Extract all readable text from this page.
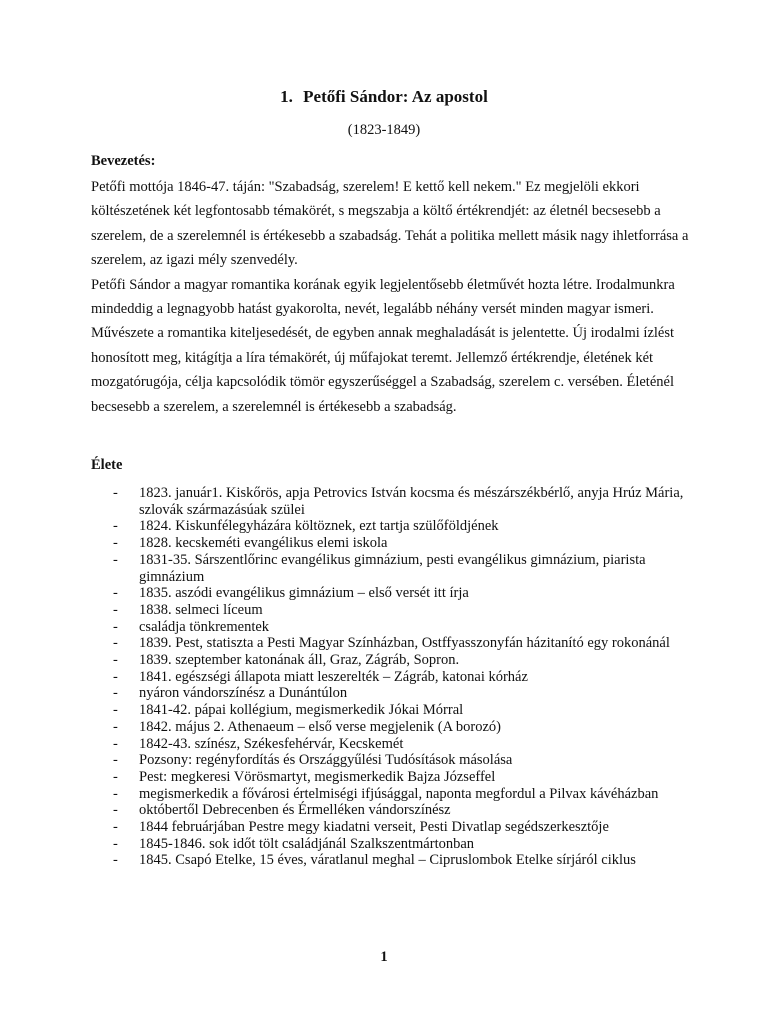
1. Petőfi Sándor: Az apostol
(1823-1849)
Bevezetés:

Petőfi mottója 1846-47. táján: "Szabadság, szerelem! E kettő kell nekem." Ez megjelöli ekkori költészetének két legfontosabb témakörét, s megszabja a költő értékrendjét: az életnél becsesebb a szerelem, de a szerelemnél is értékesebb a szabadság. Tehát a politika mellett másik nagy ihletforrása a szerelem, az igazi mély szenvedély.

Petőfi Sándor a magyar romantika korának egyik legjelentősebb életművét hozta létre. Irodalmunkra mindeddig a legnagyobb hatást gyakorolta, nevét, legalább néhány versét minden magyar ismeri. Művészete a romantika kiteljesedését, de egyben annak meghaladását is jelentette. Új irodalmi ízlést honosított meg, kitágítja a líra témakörét, új műfajokat teremt. Jellemző értékrendje, életének két mozgatórugója, célja kapcsolódik tömör egyszerűséggel a Szabadság, szerelem c. versében. Életénél becsesebb a szerelem, a szerelemnél is értékesebb a szabadság.

Élete
- 1823. január1. Kiskőrös, apja Petrovics István kocsma és mészárszékbérlő, anyja Hrúz Mária, szlovák származásúak szülei
- 1824. Kiskunfélegyházára költöznek, ezt tartja szülőföldjének
- 1828. kecskeméti evangélikus elemi iskola
- 1831-35. Sárszentlőrinc evangélikus gimnázium, pesti evangélikus gimnázium, piarista gimnázium
- 1835. aszódi evangélikus gimnázium – első versét itt írja
- 1838. selmeci líceum
- családja tönkrementek
- 1839. Pest, statiszta a Pesti Magyar Színházban, Ostffyasszonyfán házitanító egy rokonánál
- 1839. szeptember katonának áll, Graz, Zágráb, Sopron.
- 1841. egészségi állapota miatt leszerelték – Zágráb, katonai kórház
- nyáron vándorszínész a Dunántúlon
- 1841-42. pápai kollégium, megismerkedik Jókai Mórral
- 1842. május 2. Athenaeum – első verse megjelenik (A borozó)
- 1842-43. színész, Székesfehérvár, Kecskemét
- Pozsony: regényfordítás és Országgyűlési Tudósítások másolása
- Pest: megkeresi Vörösmartyt, megismerkedik Bajza Józseffel
- megismerkedik a fővárosi értelmiségi ifjúsággal, naponta megfordul a Pilvax kávéházban
- októbertől Debrecenben és Érmelléken vándorszínész
- 1844 februárjában Pestre megy kiadatni verseit, Pesti Divatlap segédszerkesztője
- 1845-1846. sok időt tölt családjánál Szalkszentmártonban
- 1845. Csapó Etelke, 15 éves, váratlanul meghal – Cipruslombok Etelke sírjáról ciklus
1
